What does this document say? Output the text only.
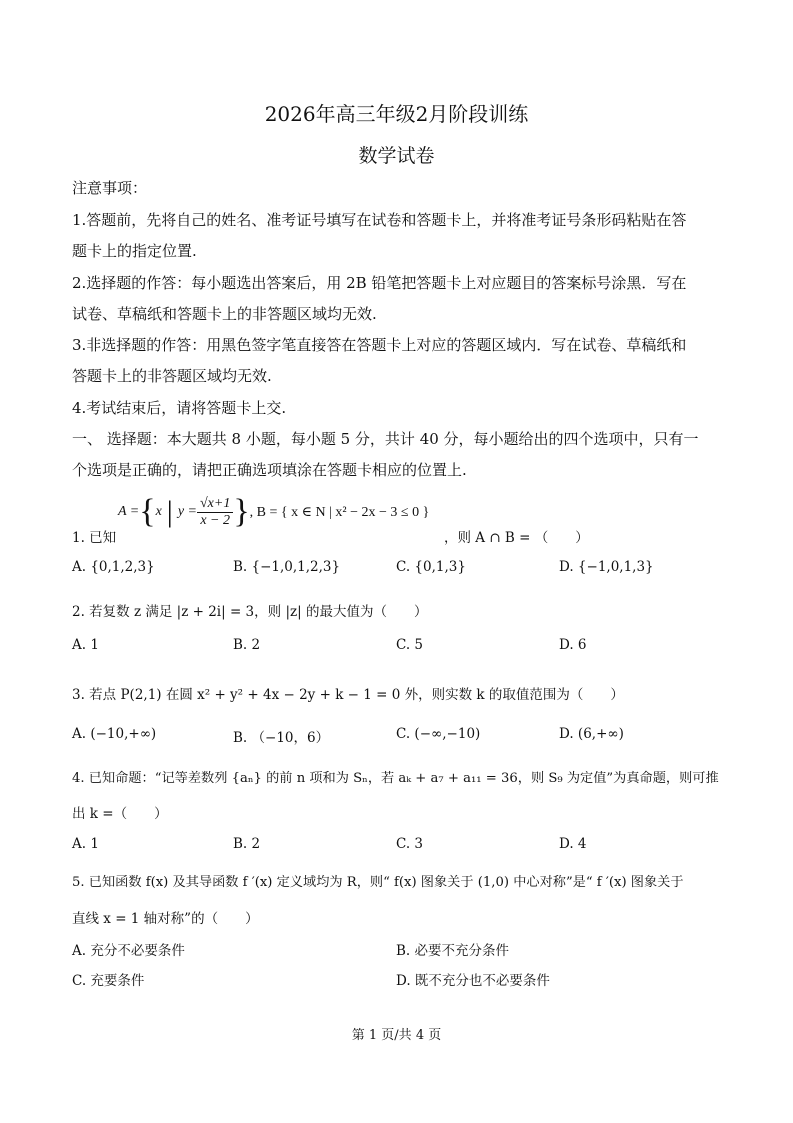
2026年高三年级2月阶段训练
数学试卷
注意事项：
1.答题前，先将自己的姓名、准考证号填写在试卷和答题卡上，并将准考证号条形码粘贴在答
题卡上的指定位置.
2.选择题的作答：每小题选出答案后，用 2B 铅笔把答题卡上对应题目的答案标号涂黑．写在
试卷、草稿纸和答题卡上的非答题区域均无效.
3.非选择题的作答：用黑色签字笔直接答在答题卡上对应的答题区域内．写在试卷、草稿纸和
答题卡上的非答题区域均无效.
4.考试结束后，请将答题卡上交.
一、 选择题：本大题共 8 小题，每小题 5 分，共计 40 分，每小题给出的四个选项中，只有一
个选项是正确的，请把正确选项填涂在答题卡相应的位置上.
1. 已知
A = { x | $y = \frac{√x+1}{x - 2}$ } , B = { x ∈ N | x² − 2x − 3 ≤ 0 }
，则 A ∩ B = （　　）
A. {0,1,2,3}	B. {−1,0,1,2,3}	C. {0,1,3}	D. {−1,0,1,3}
2. 若复数 z 满足 |z + 2i| = 3，则 |z| 的最大值为（　　）
A. 1	B. 2	C. 5	D. 6
3. 若点 P(2,1) 在圆 x² + y² + 4x − 2y + k − 1 = 0 外，则实数 k 的取值范围为（　　）
A. (−10,+∞)	B. （−10，6）	C. (−∞,−10)	D. (6,+∞)
4. 已知命题：“记等差数列 {aₙ} 的前 n 项和为 Sₙ，若 aₖ + a₇ + a₁₁ = 36，则 S₉ 为定值”为真命题，则可推
出 k =（　　）
A. 1	B. 2	C. 3	D. 4
5. 已知函数 f(x) 及其导函数 f ′(x) 定义域均为 R，则“ f(x) 图象关于 (1,0) 中心对称”是“ f ′(x) 图象关于
直线 x = 1 轴对称”的（　　）
A. 充分不必要条件	B. 必要不充分条件
C. 充要条件	D. 既不充分也不必要条件
第 1 页/共 4 页
